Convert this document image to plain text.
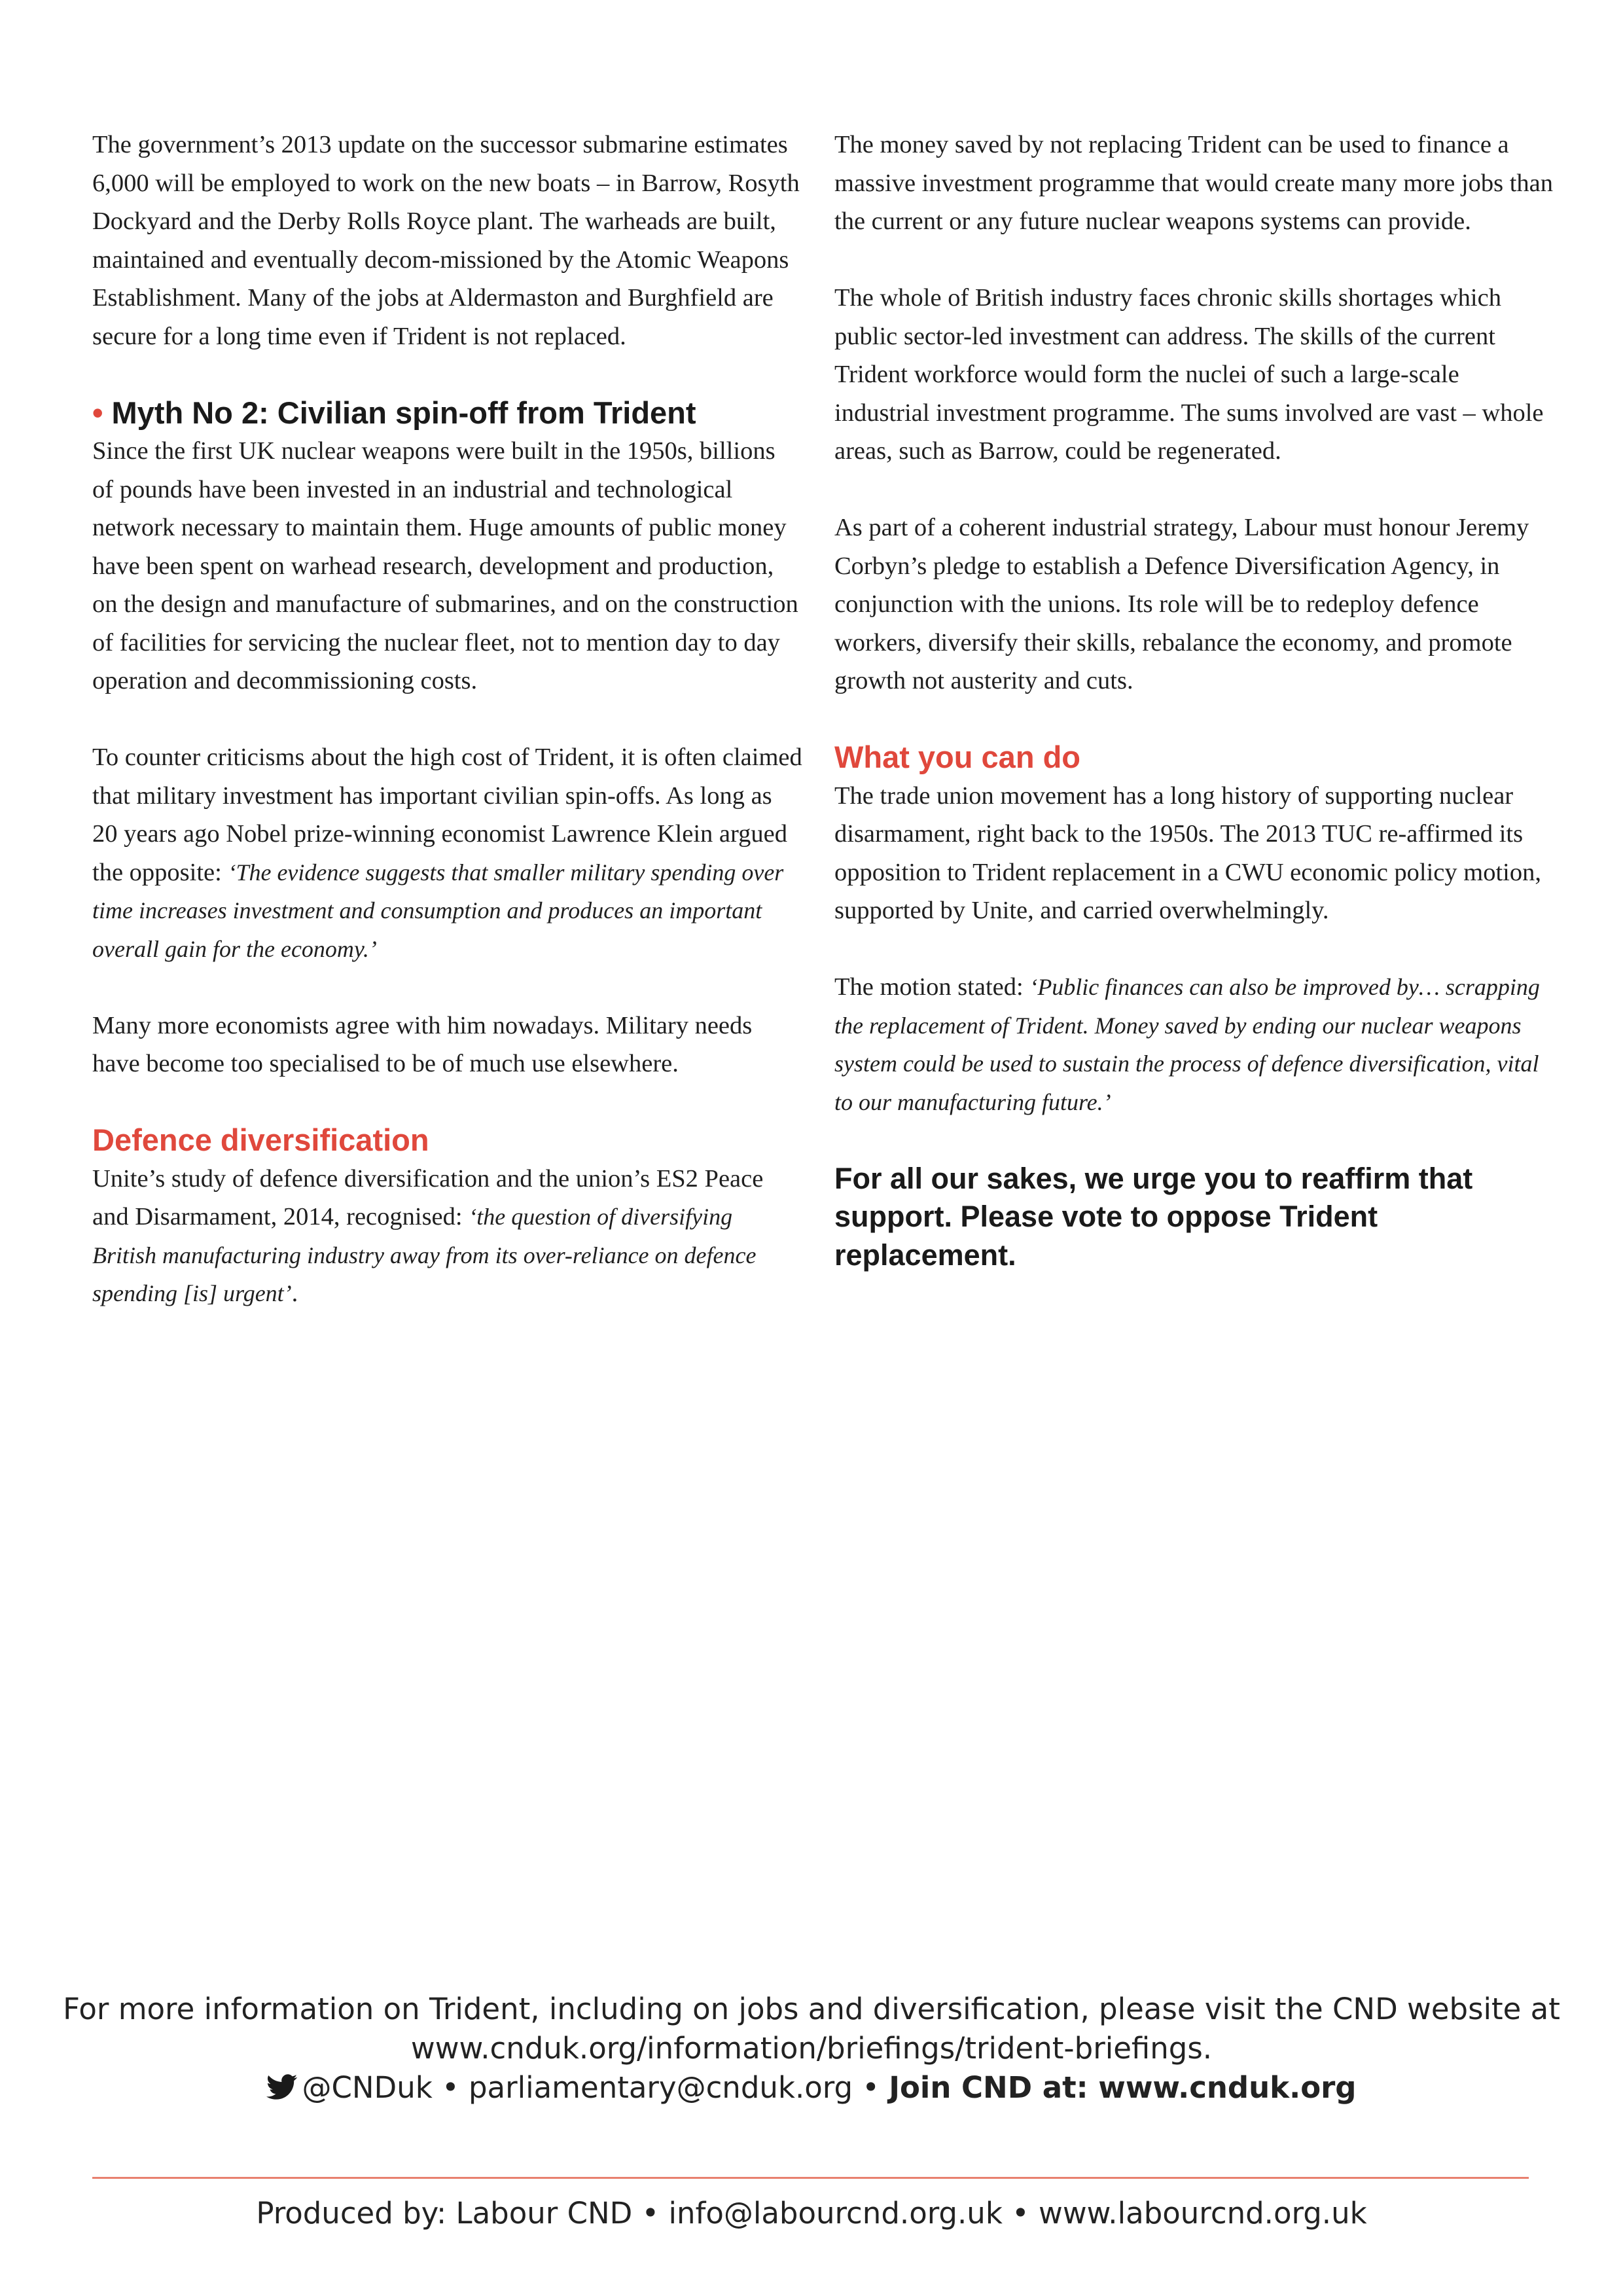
The government’s 2013 update on the successor submarine estimates 6,000 will be employed to work on the new boats – in Barrow, Rosyth Dockyard and the Derby Rolls Royce plant. The warheads are built, maintained and eventually decom-missioned by the Atomic Weapons Establishment. Many of the jobs at Aldermaston and Burghfield are secure for a long time even if Trident is not replaced.

• Myth No 2: Civilian spin-off from Trident

Since the first UK nuclear weapons were built in the 1950s, billions of pounds have been invested in an industrial and technological network necessary to maintain them. Huge amounts of public money have been spent on warhead research, development and production, on the design and manufacture of submarines, and on the construction of facilities for servicing the nuclear fleet, not to mention day to day operation and decommissioning costs.

To counter criticisms about the high cost of Trident, it is often claimed that military investment has important civilian spin-offs. As long as 20 years ago Nobel prize-winning economist Lawrence Klein argued the opposite: ‘The evidence suggests that smaller military spending over time increases investment and consumption and produces an important overall gain for the economy.’

Many more economists agree with him nowadays. Military needs have become too specialised to be of much use elsewhere.

Defence diversification

Unite’s study of defence diversification and the union’s ES2 Peace and Disarmament, 2014, recognised: ‘the question of diversifying British manufacturing industry away from its over-reliance on defence spending [is] urgent’.

The money saved by not replacing Trident can be used to finance a massive investment programme that would create many more jobs than the current or any future nuclear weapons systems can provide.

The whole of British industry faces chronic skills shortages which public sector-led investment can address. The skills of the current Trident workforce would form the nuclei of such a large-scale industrial investment programme. The sums involved are vast – whole areas, such as Barrow, could be regenerated.

As part of a coherent industrial strategy, Labour must honour Jeremy Corbyn’s pledge to establish a Defence Diversification Agency, in conjunction with the unions. Its role will be to redeploy defence workers, diversify their skills, rebalance the economy, and promote growth not austerity and cuts.

What you can do

The trade union movement has a long history of supporting nuclear disarmament, right back to the 1950s. The 2013 TUC re-affirmed its opposition to Trident replacement in a CWU economic policy motion, supported by Unite, and carried overwhelmingly.

The motion stated: ‘Public finances can also be improved by… scrapping the replacement of Trident. Money saved by ending our nuclear weapons system could be used to sustain the process of defence diversification, vital to our manufacturing future.’

For all our sakes, we urge you to reaffirm that support. Please vote to oppose Trident replacement.

For more information on Trident, including on jobs and diversification, please visit the CND website at
www.cnduk.org/information/briefings/trident-briefings.
@CNDuk • parliamentary@cnduk.org • Join CND at: www.cnduk.org
Produced by: Labour CND • info@labourcnd.org.uk • www.labourcnd.org.uk
